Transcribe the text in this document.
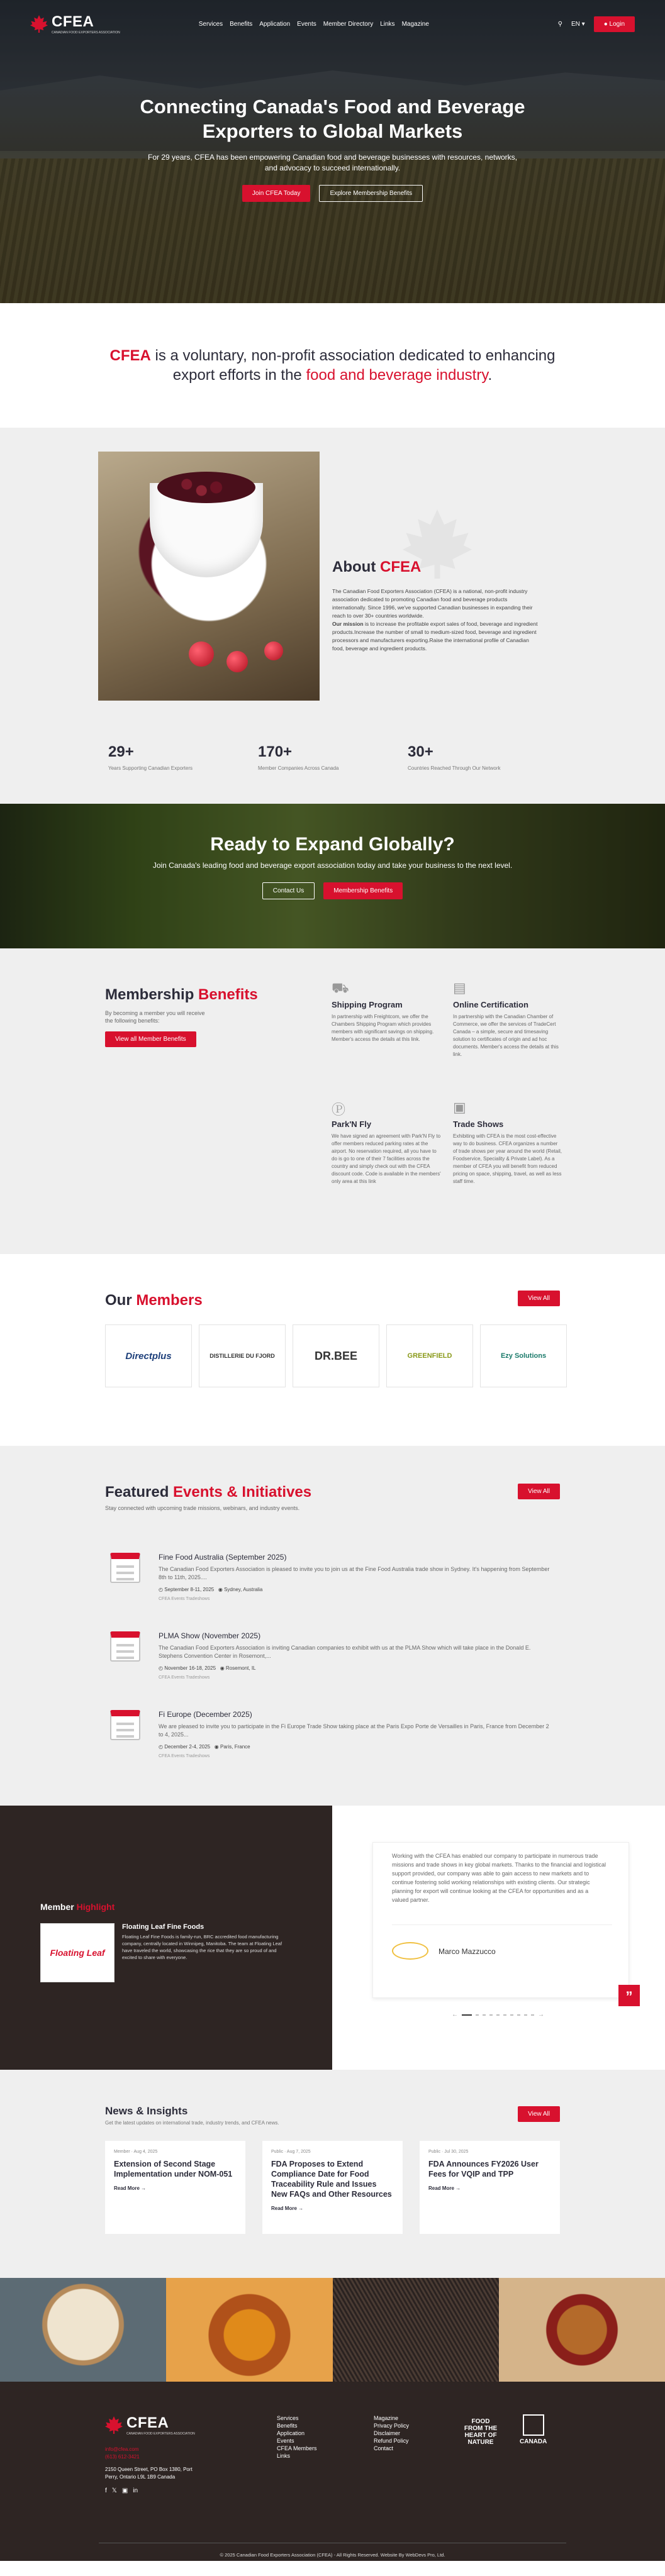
CFEA
CANADIAN FOOD EXPORTERS ASSOCIATION
Services Benefits Application Events Member Directory Links Magazine	⚲ EN ▾	● Login
Connecting Canada's Food and Beverage Exporters to Global Markets

For 29 years, CFEA has been empowering Canadian food and beverage businesses with resources, networks, and advocacy to succeed internationally.

Join CFEA Today	Explore Membership Benefits

CFEA is a voluntary, non-profit association dedicated to enhancing export efforts in the food and beverage industry.

About CFEA

The Canadian Food Exporters Association (CFEA) is a national, non-profit industry association dedicated to promoting Canadian food and beverage products internationally. Since 1996, we've supported Canadian businesses in expanding their reach to over 30+ countries worldwide.

Our mission is to increase the profitable export sales of food, beverage and ingredient products.Increase the number of small to medium-sized food, beverage and ingredient processors and manufacturers exporting.Raise the international profile of Canadian food, beverage and ingredient products.

29+
Years Supporting Canadian Exporters
170+
Member Companies Across Canada
30+
Countries Reached Through Our Network
Ready to Expand Globally?

Join Canada's leading food and beverage export association today and take your business to the next level.

Contact Us	Membership Benefits
Membership Benefits

By becoming a member you will receive the following benefits:

View all Member Benefits
⛟
Shipping Program

In partnership with Freightcom, we offer the Chambers Shipping Program which provides members with significant savings on shipping. Member's access the details at this link.

▤
Online Certification

In partnership with the Canadian Chamber of Commerce, we offer the services of TradeCert Canada – a simple, secure and timesaving solution to certificates of origin and ad hoc documents. Member's access the details at this link.

Ⓟ
Park'N Fly

We have signed an agreement with Park'N Fly to offer members reduced parking rates at the airport. No reservation required, all you have to do is go to one of their 7 facilities across the country and simply check out with the CFEA discount code. Code is available in the members' only area at this link

▣
Trade Shows

Exhibiting with CFEA is the most cost-effective way to do business. CFEA organizes a number of trade shows per year around the world (Retail, Foodservice, Speciality & Private Label). As a member of CFEA you will benefit from reduced pricing on space, shipping, travel, as well as less staff time.

Our Members	View All
Directplus	DISTILLERIE DU FJORD	DR.BEE	GREENFIELD	Ezy Solutions
Featured Events & Initiatives

Stay connected with upcoming trade missions, webinars, and industry events.

View All
Fine Food Australia (September 2025)
The Canadian Food Exporters Association is pleased to invite you to join us at the Fine Food Australia trade show in Sydney. It's happening from September 8th to 11th, 2025....
◴ September 8-11, 2025   ◉ Sydney, Australia
CFEA Events Tradeshows
PLMA Show (November 2025)
The Canadian Food Exporters Association is inviting Canadian companies to exhibit with us at the PLMA Show which will take place in the Donald E. Stephens Convention Center in Rosemont,...
◴ November 16-18, 2025   ◉ Rosemont, IL
CFEA Events Tradeshows
Fi Europe (December 2025)
We are pleased to invite you to participate in the Fi Europe Trade Show taking place at the Paris Expo Porte de Versailles in Paris, France from December 2 to 4, 2025...
◴ December 2-4, 2025   ◉ Paris, France
CFEA Events Tradeshows
Member Highlight
Floating Leaf
Floating Leaf Fine Foods

Floating Leaf Fine Foods is family-run, BRC accredited food manufacturing company, centrally located in Winnipeg, Manitoba. The team at Floating Leaf have traveled the world, showcasing the rice that they are so proud of and excited to share with everyone.

Working with the CFEA has enabled our company to participate in numerous trade missions and trade shows in key global markets. Thanks to the financial and logistical support provided, our company was able to gain access to new markets and to continue fostering solid working relationships with existing clients. Our strategic planning for export will continue looking at the CFEA for opportunities and as a valued partner.

Marco Mazzucco
”
←	→
News & Insights

Get the latest updates on international trade, industry trends, and CFEA news.

View All
Member · Aug 4, 2025
Extension of Second Stage Implementation under NOM-051
Read More →
Public · Aug 7, 2025
FDA Proposes to Extend Compliance Date for Food Traceability Rule and Issues New FAQs and Other Resources
Read More →
Public · Jul 30, 2025
FDA Announces FY2026 User Fees for VQIP and TPP
Read More →
CFEA
CANADIAN FOOD EXPORTERS ASSOCIATION
info@cfea.com
(613) 612-3421
2150 Queen Street, PO Box 1380, Port Perry, Ontario L9L 1B9 Canada
f 𝕏 ▣ in
Services
Benefits
Application
Events
CFEA Members
Links
Magazine
Privacy Policy
Disclaimer
Refund Policy
Contact
FOOD FROM THE HEART OF NATURE	CANADA
© 2025 Canadian Food Exporters Association (CFEA) - All Rights Reserved. Website By WebDevs Pro, Ltd.
